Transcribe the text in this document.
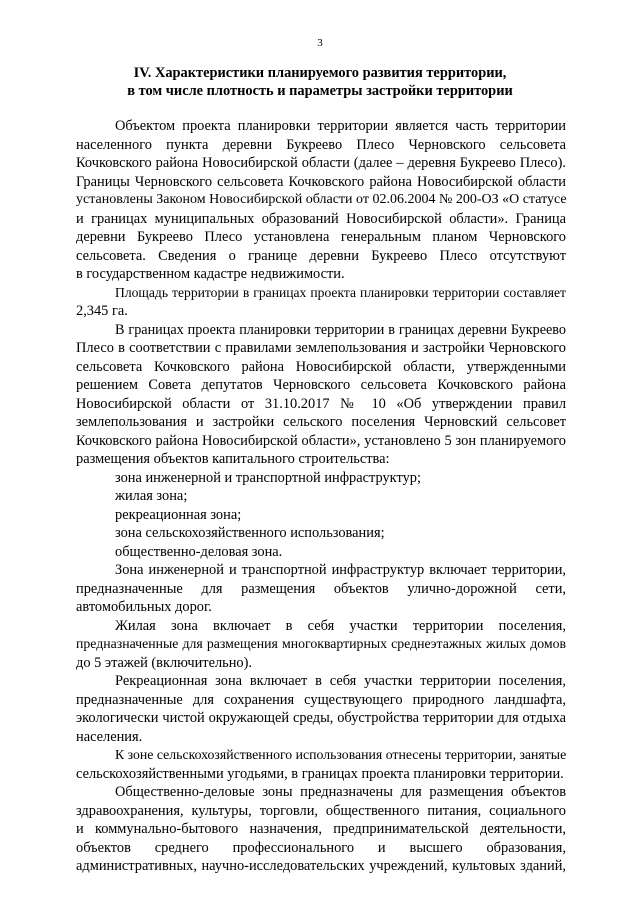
3
IV. Характеристики планируемого развития территории,
в том числе плотность и параметры застройки территории
Объектом проекта планировки территории является часть территории
населенного пункта деревни Букреево Плесо Черновского сельсовета
Кочковского района Новосибирской области (далее – деревня Букреево Плесо).
Границы Черновского сельсовета Кочковского района Новосибирской области
установлены Законом Новосибирской области от 02.06.2004 № 200-ОЗ «О статусе
и границах муниципальных образований Новосибирской области». Граница
деревни Букреево Плесо установлена генеральным планом Черновского
сельсовета. Сведения о границе деревни Букреево Плесо отсутствуют
в государственном кадастре недвижимости.
Площадь территории в границах проекта планировки территории составляет
2,345 га.
В границах проекта планировки территории в границах деревни Букреево
Плесо в соответствии с правилами землепользования и застройки Черновского
сельсовета Кочковского района Новосибирской области, утвержденными
решением Совета депутатов Черновского сельсовета Кочковского района
Новосибирской области от 31.10.2017 № 10 «Об утверждении правил
землепользования и застройки сельского поселения Черновский сельсовет
Кочковского района Новосибирской области», установлено 5 зон планируемого
размещения объектов капитального строительства:
зона инженерной и транспортной инфраструктур;
жилая зона;
рекреационная зона;
зона сельскохозяйственного использования;
общественно-деловая зона.
Зона инженерной и транспортной инфраструктур включает территории,
предназначенные для размещения объектов улично-дорожной сети,
автомобильных дорог.
Жилая зона включает в себя участки территории поселения,
предназначенные для размещения многоквартирных среднеэтажных жилых домов
до 5 этажей (включительно).
Рекреационная зона включает в себя участки территории поселения,
предназначенные для сохранения существующего природного ландшафта,
экологически чистой окружающей среды, обустройства территории для отдыха
населения.
К зоне сельскохозяйственного использования отнесены территории, занятые
сельскохозяйственными угодьями, в границах проекта планировки территории.
Общественно-деловые зоны предназначены для размещения объектов
здравоохранения, культуры, торговли, общественного питания, социального
и коммунально-бытового назначения, предпринимательской деятельности,
объектов среднего профессионального и высшего образования,
административных, научно-исследовательских учреждений, культовых зданий,
